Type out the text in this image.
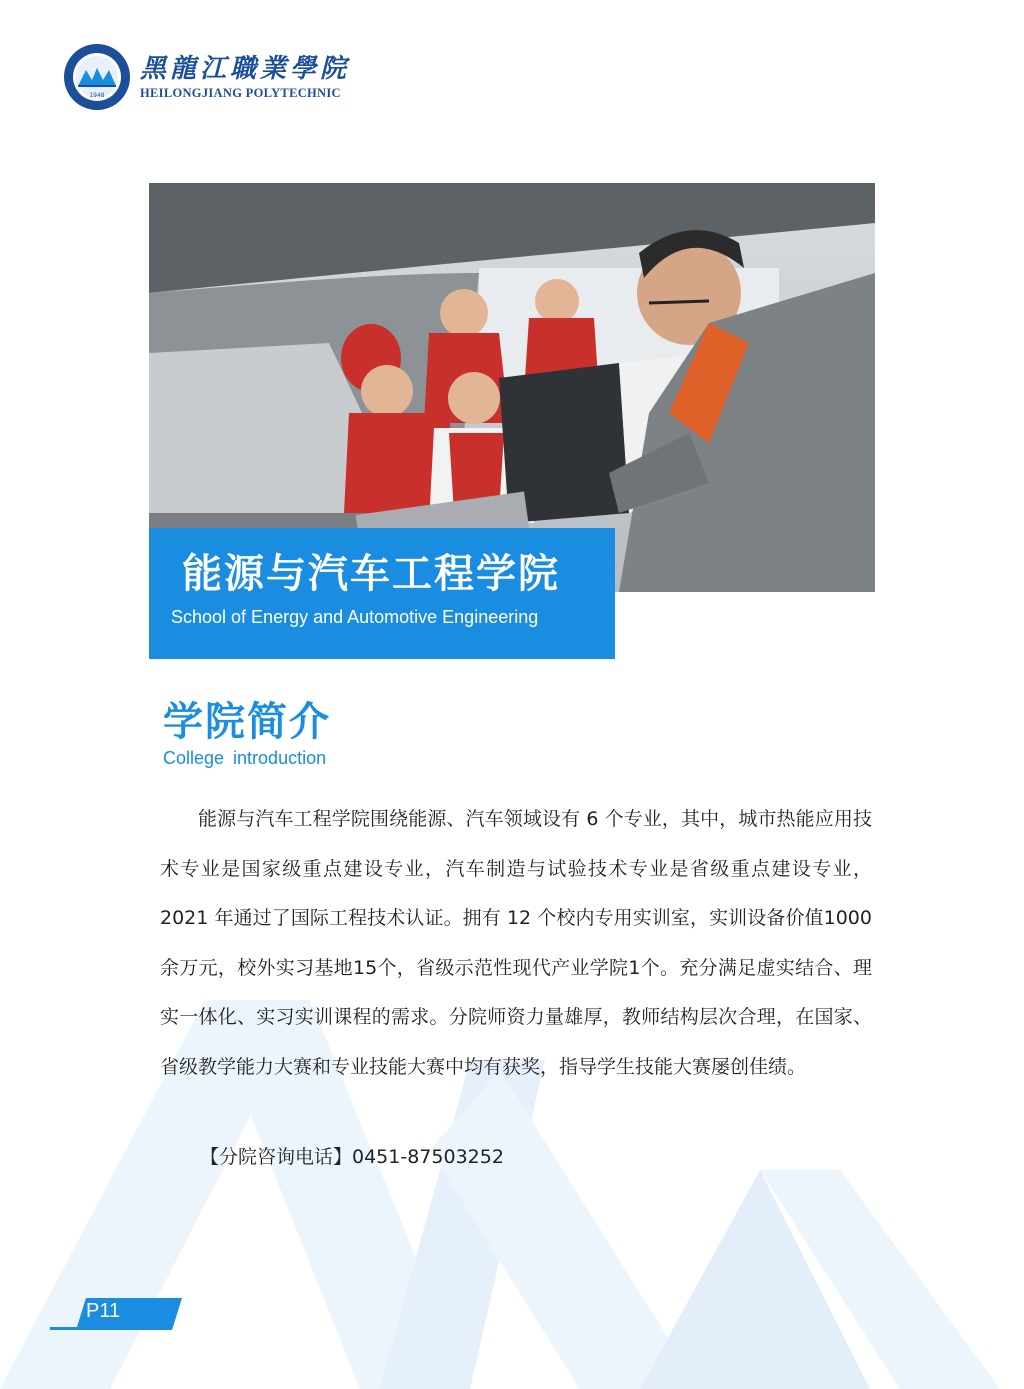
1948
黑龍江職業學院
HEILONGJIANG POLYTECHNIC
能源与汽车工程学院
School of Energy and Automotive Engineering
学院简介
College introduction

能源与汽车工程学院围绕能源、汽车领域设有 6 个专业，其中，城市热能应用技术专业是国家级重点建设专业，汽车制造与试验技术专业是省级重点建设专业，2021 年通过了国际工程技术认证。拥有 12 个校内专用实训室，实训设备价值1000余万元，校外实习基地15个，省级示范性现代产业学院1个。充分满足虚实结合、理实一体化、实习实训课程的需求。分院师资力量雄厚，教师结构层次合理，在国家、省级教学能力大赛和专业技能大赛中均有获奖，指导学生技能大赛屡创佳绩。

【分院咨询电话】0451-87503252
P11
